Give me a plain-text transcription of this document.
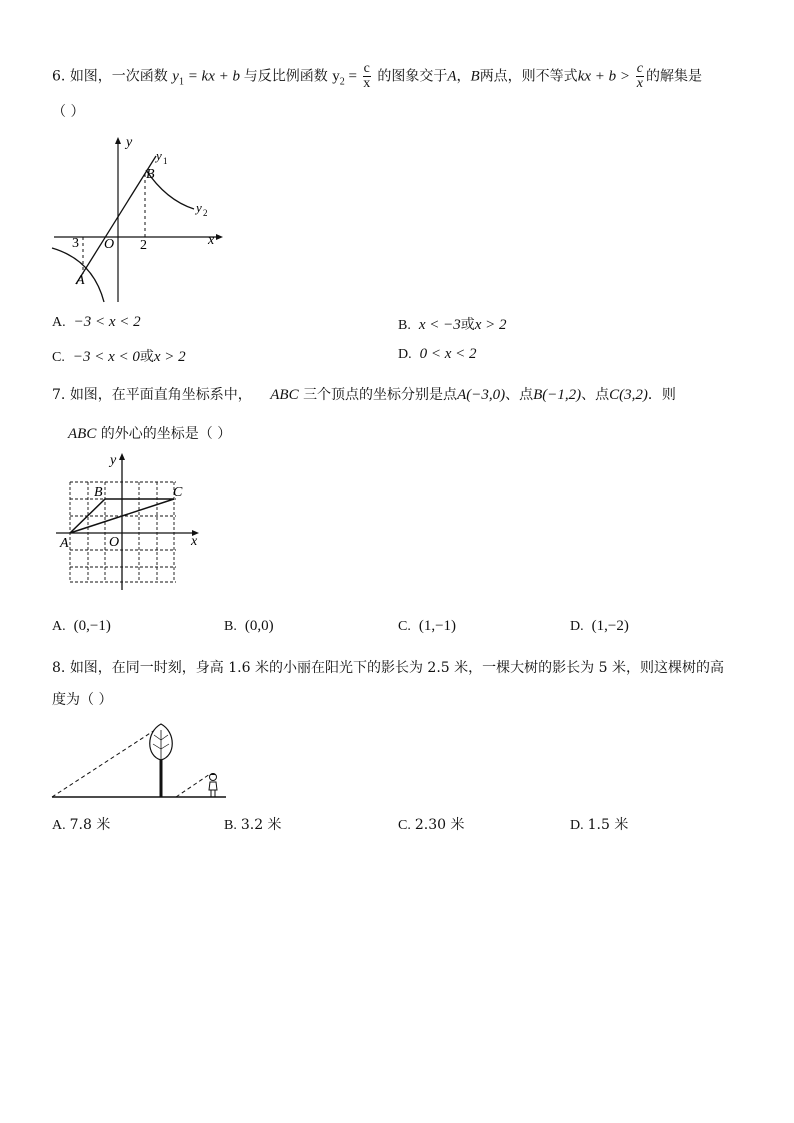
6. 如图，一次函数 $y_1$ = kx + b 与反比例函数 $y_2 = \frac{c}{x}$ 的图象交于A，B两点，则不等式kx + $b > \frac{c}{x}$ 的解集是
（ ）
y
x
O
y 1
y 2
B
A
3	2
A. −3 < x < 2	B. x < −3或x > 2
C. −3 < x < 0或x > 2	D. 0 < x < 2
7. 如图，在平面直角坐标系中， ABC 三个顶点的坐标分别是点A(−3,0)、点B(−1,2)、点C(3,2)．则
ABC 的外心的坐标是（ ）
y
x
O
A
B	C
A. (0,−1)	B. (0,0)	C. (1,−1)	D. (1,−2)
8. 如图，在同一时刻，身高 1.6 米的小丽在阳光下的影长为 2.5 米，一棵大树的影长为 5 米，则这棵树的高
度为（ ）
A. 7.8 米	B. 3.2 米	C. 2.30 米	D. 1.5 米
